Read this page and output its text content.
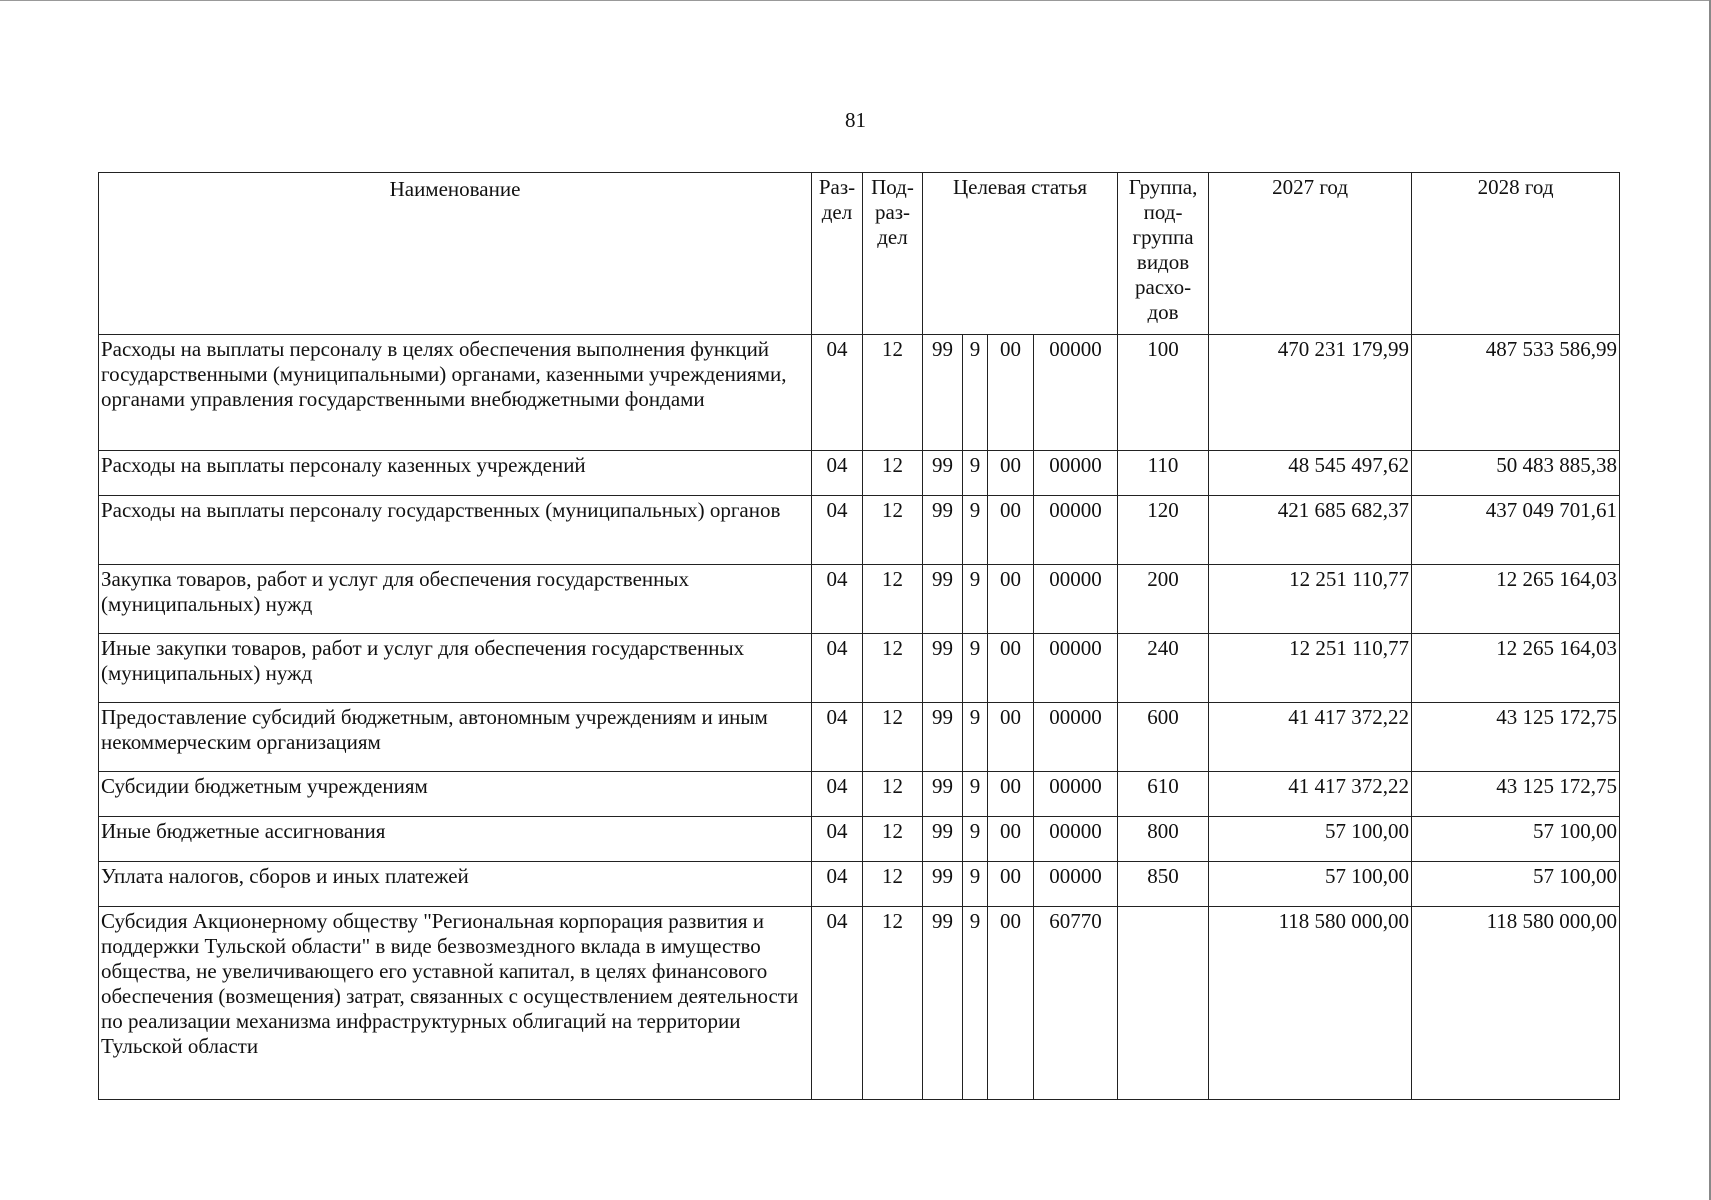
81
Наименование	Раз-дел	Под-раз-дел	Целевая статья				Группа, под-группа видов расхо-дов	2027 год	2028 год
Расходы на выплаты персоналу в целях обеспечения выполнения функций государственными (муниципальными) органами, казенными учреждениями, органами управления государственными внебюджетными фондами	04	12	99	9	00	00000	100	470 231 179,99	487 533 586,99
Расходы на выплаты персоналу казенных учреждений	04	12	99	9	00	00000	110	48 545 497,62	50 483 885,38
Расходы на выплаты персоналу государственных (муниципальных) органов	04	12	99	9	00	00000	120	421 685 682,37	437 049 701,61
Закупка товаров, работ и услуг для обеспечения государственных (муниципальных) нужд	04	12	99	9	00	00000	200	12 251 110,77	12 265 164,03
Иные закупки товаров, работ и услуг для обеспечения государственных (муниципальных) нужд	04	12	99	9	00	00000	240	12 251 110,77	12 265 164,03
Предоставление субсидий бюджетным, автономным учреждениям и иным некоммерческим организациям	04	12	99	9	00	00000	600	41 417 372,22	43 125 172,75
Субсидии бюджетным учреждениям	04	12	99	9	00	00000	610	41 417 372,22	43 125 172,75
Иные бюджетные ассигнования	04	12	99	9	00	00000	800	57 100,00	57 100,00
Уплата налогов, сборов и иных платежей	04	12	99	9	00	00000	850	57 100,00	57 100,00
Субсидия Акционерному обществу "Региональная корпорация развития и поддержки Тульской области" в виде безвозмездного вклада в имущество общества, не увеличивающего его уставной капитал, в целях финансового обеспечения (возмещения) затрат, связанных с осуществлением деятельности по реализации механизма инфраструктурных облигаций на территории Тульской области	04	12	99	9	00	60770		118 580 000,00	118 580 000,00
